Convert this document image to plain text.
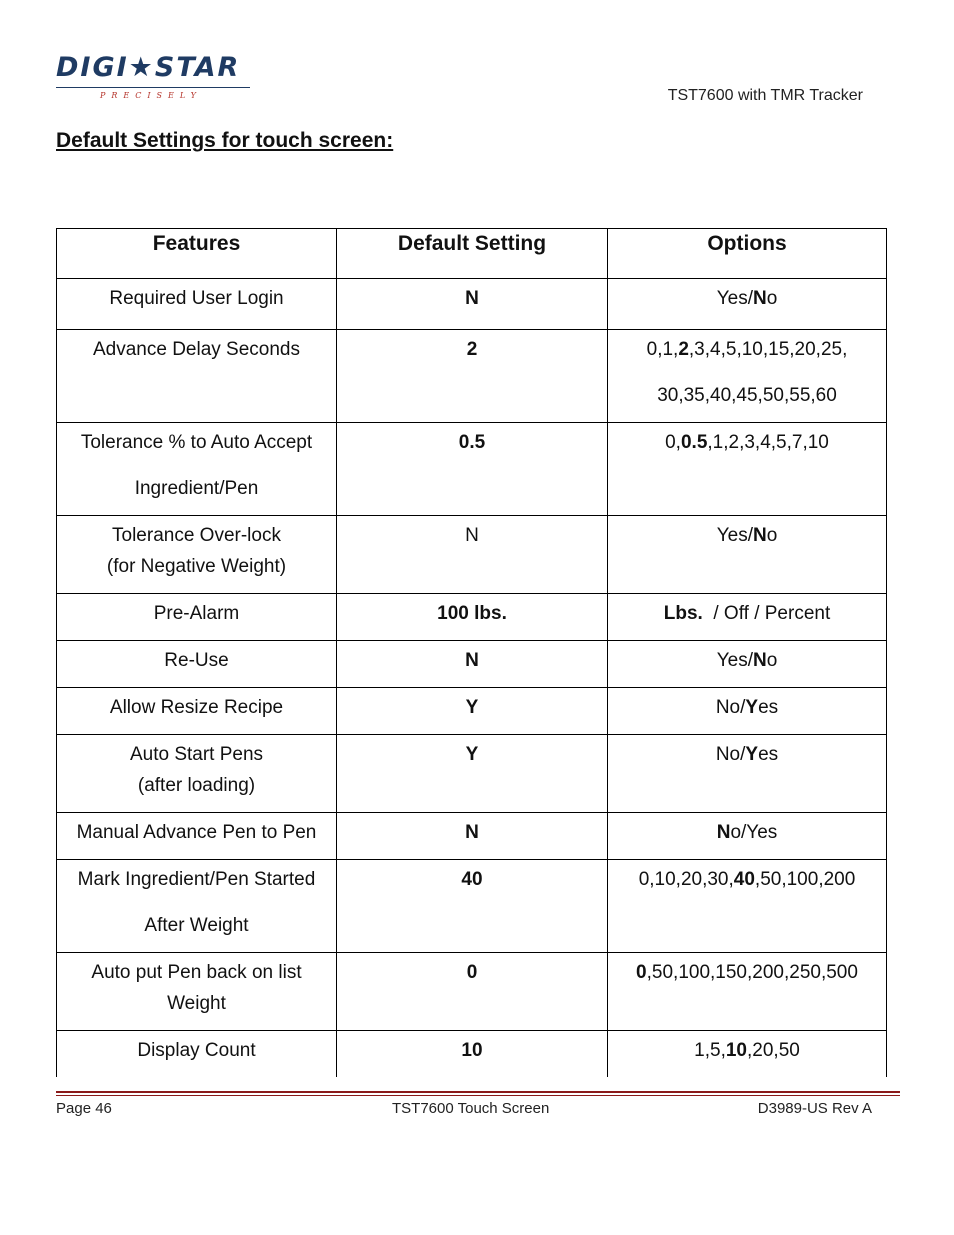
DIGI★STAR
PRECISELY	TST7600 with TMR Tracker
Default Settings for touch screen:
Features	Default Setting	Options

Required User Login	N	Yes/No

Advance Delay Seconds	2	0,1,2,3,4,5,10,15,20,25,
30,35,40,45,50,55,60

Tolerance % to Auto Accept
Ingredient/Pen	0.5	0,0.5,1,2,3,4,5,7,10

Tolerance Over-lock
(for Negative Weight)	N	Yes/No

Pre-Alarm	100 lbs.	Lbs.  / Off / Percent

Re-Use	N	Yes/No

Allow Resize Recipe	Y	No/Yes

Auto Start Pens
(after loading)	Y	No/Yes

Manual Advance Pen to Pen	N	No/Yes

Mark Ingredient/Pen Started
After Weight	40	0,10,20,30,40,50,100,200

Auto put Pen back on list
Weight	0	0,50,100,150,200,250,500

Display Count	10	1,5,10,20,50
Page 46	TST7600 Touch Screen	D3989-US Rev A
